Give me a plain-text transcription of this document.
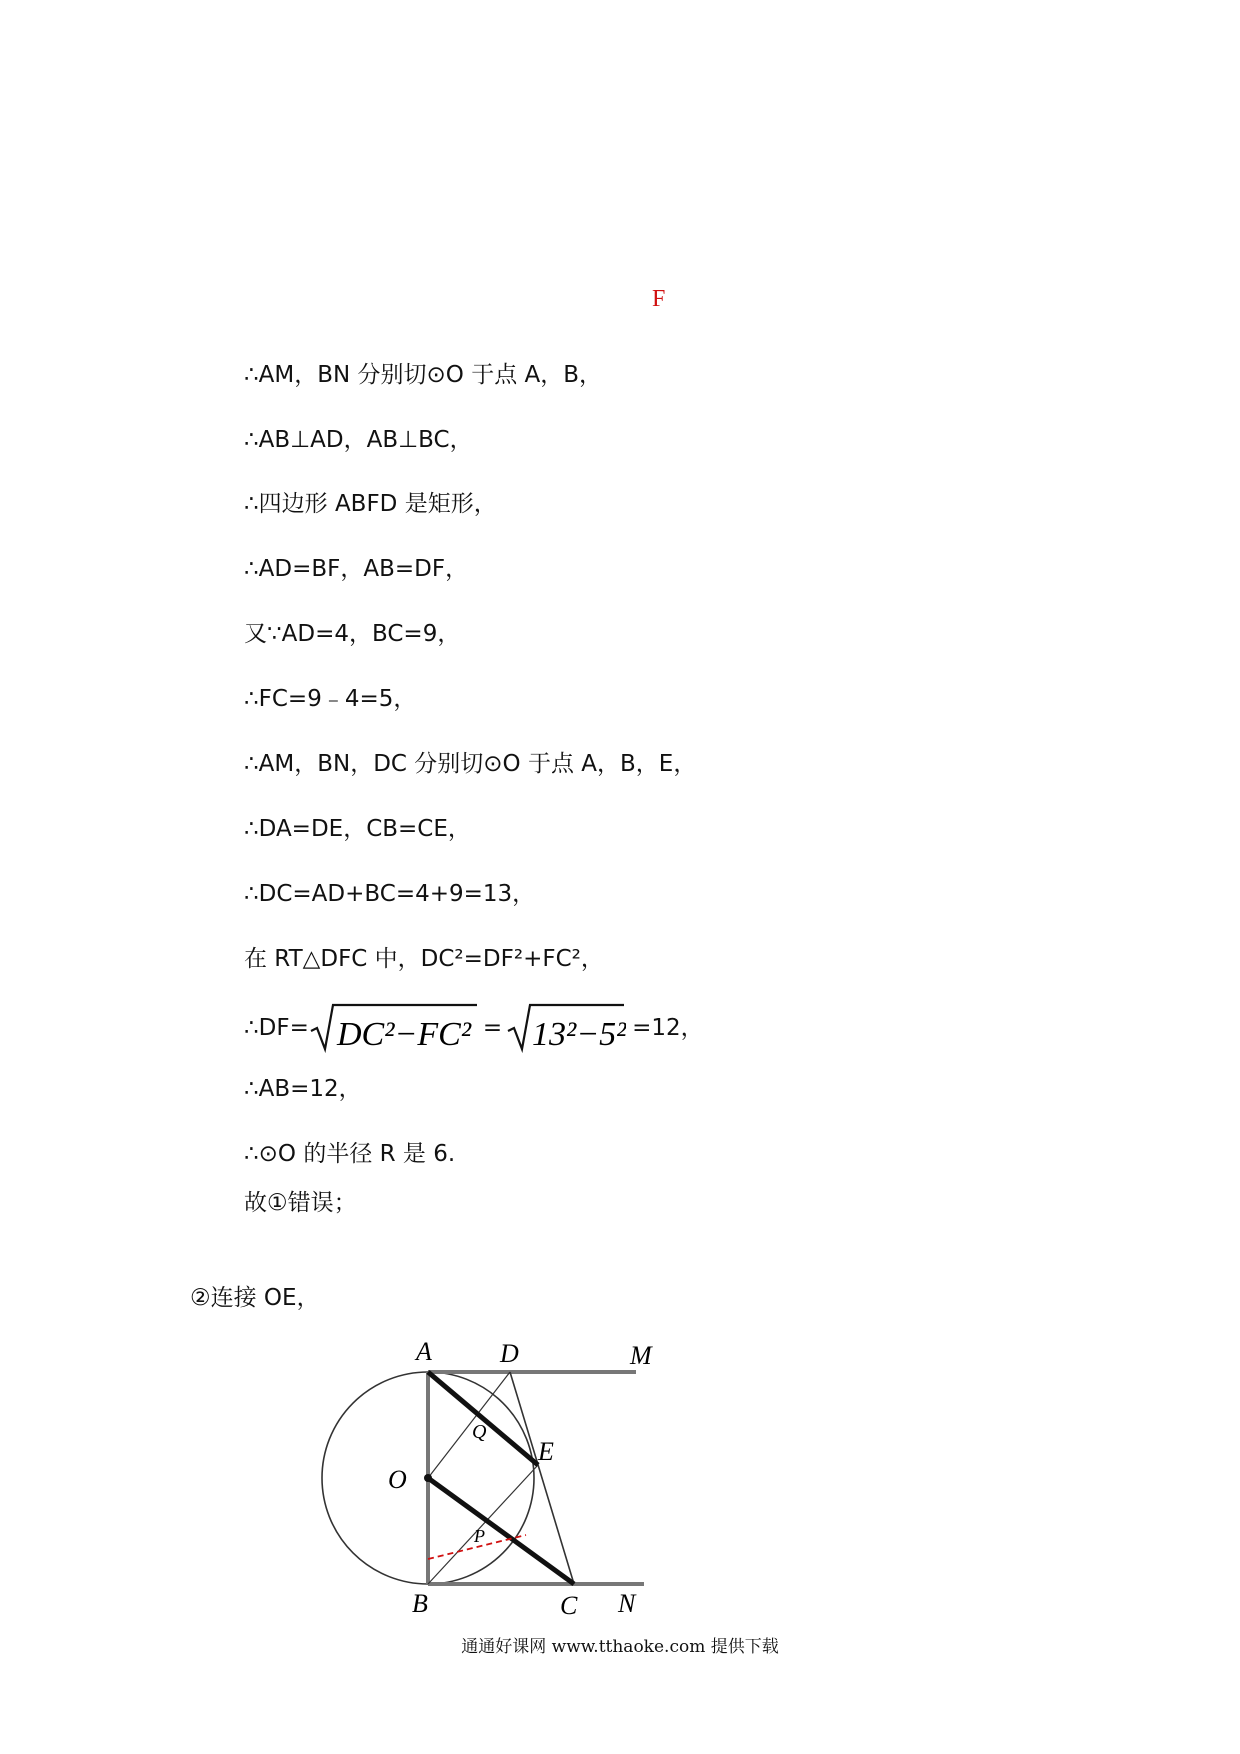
F
∴AM，BN 分别切⊙O 于点 A，B，
∴AB⊥AD，AB⊥BC，
∴四边形 ABFD 是矩形，
∴AD=BF，AB=DF，
又∵AD=4，BC=9，
∴FC=9﹣4=5，
∴AM，BN，DC 分别切⊙O 于点 A，B，E，
∴DA=DE，CB=CE，
∴DC=AD+BC=4+9=13，
在 RT△DFC 中，DC²=DF²+FC²，
∴DF= DC²−FC² = 13²−5² =12，
∴AB=12，
∴⊙O 的半径 R 是 6.
故①错误；
②连接 OE，
A	D	M
Q
E
O
P
B	C N
通通好课网 www.tthaoke.com 提供下载
